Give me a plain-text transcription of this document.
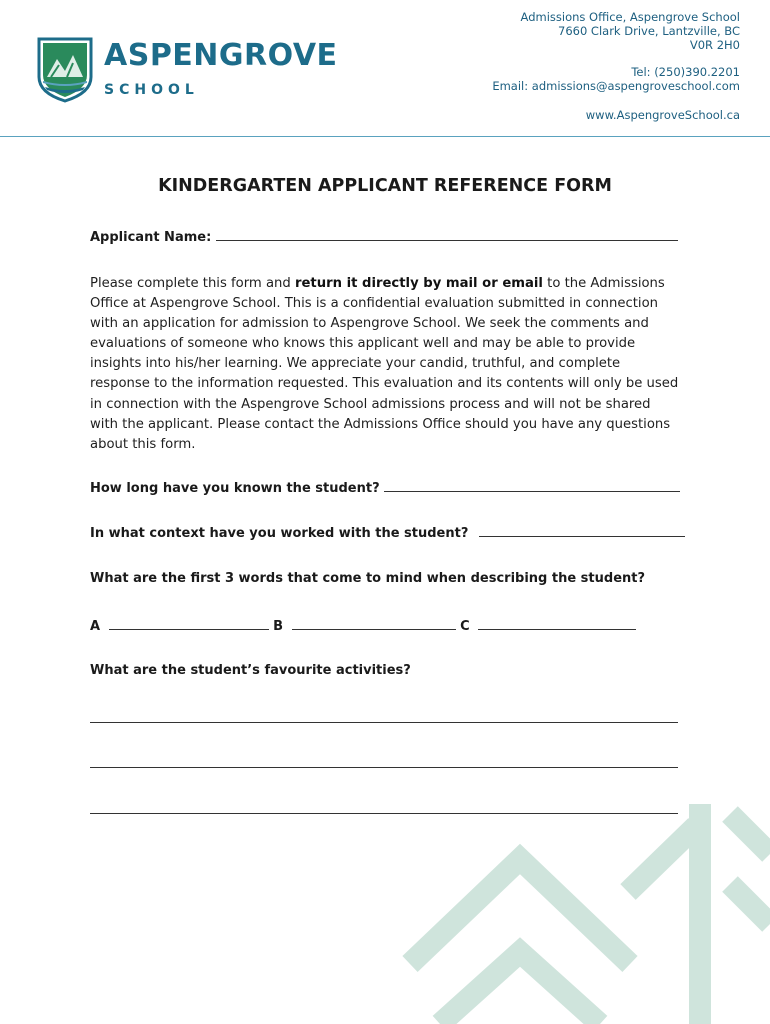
ASPENGROVE
SCHOOL
Admissions Office, Aspengrove School
7660 Clark Drive, Lantzville, BC
V0R 2H0
Tel: (250)390.2201
Email: admissions@aspengroveschool.com
www.AspengroveSchool.ca
KINDERGARTEN APPLICANT REFERENCE FORM
Applicant Name:
Please complete this form and return it directly by mail or email to the Admissions Office at Aspengrove School. This is a confidential evaluation submitted in connection with an application for admission to Aspengrove School. We seek the comments and evaluations of someone who knows this applicant well and may be able to provide insights into his/her learning. We appreciate your candid, truthful, and complete response to the information requested. This evaluation and its contents will only be used in connection with the Aspengrove School admissions process and will not be shared with the applicant. Please contact the Admissions Office should you have any questions about this form.
How long have you known the student?
In what context have you worked with the student?
What are the first 3 words that come to mind when describing the student?
A	B	C
What are the student’s favourite activities?
